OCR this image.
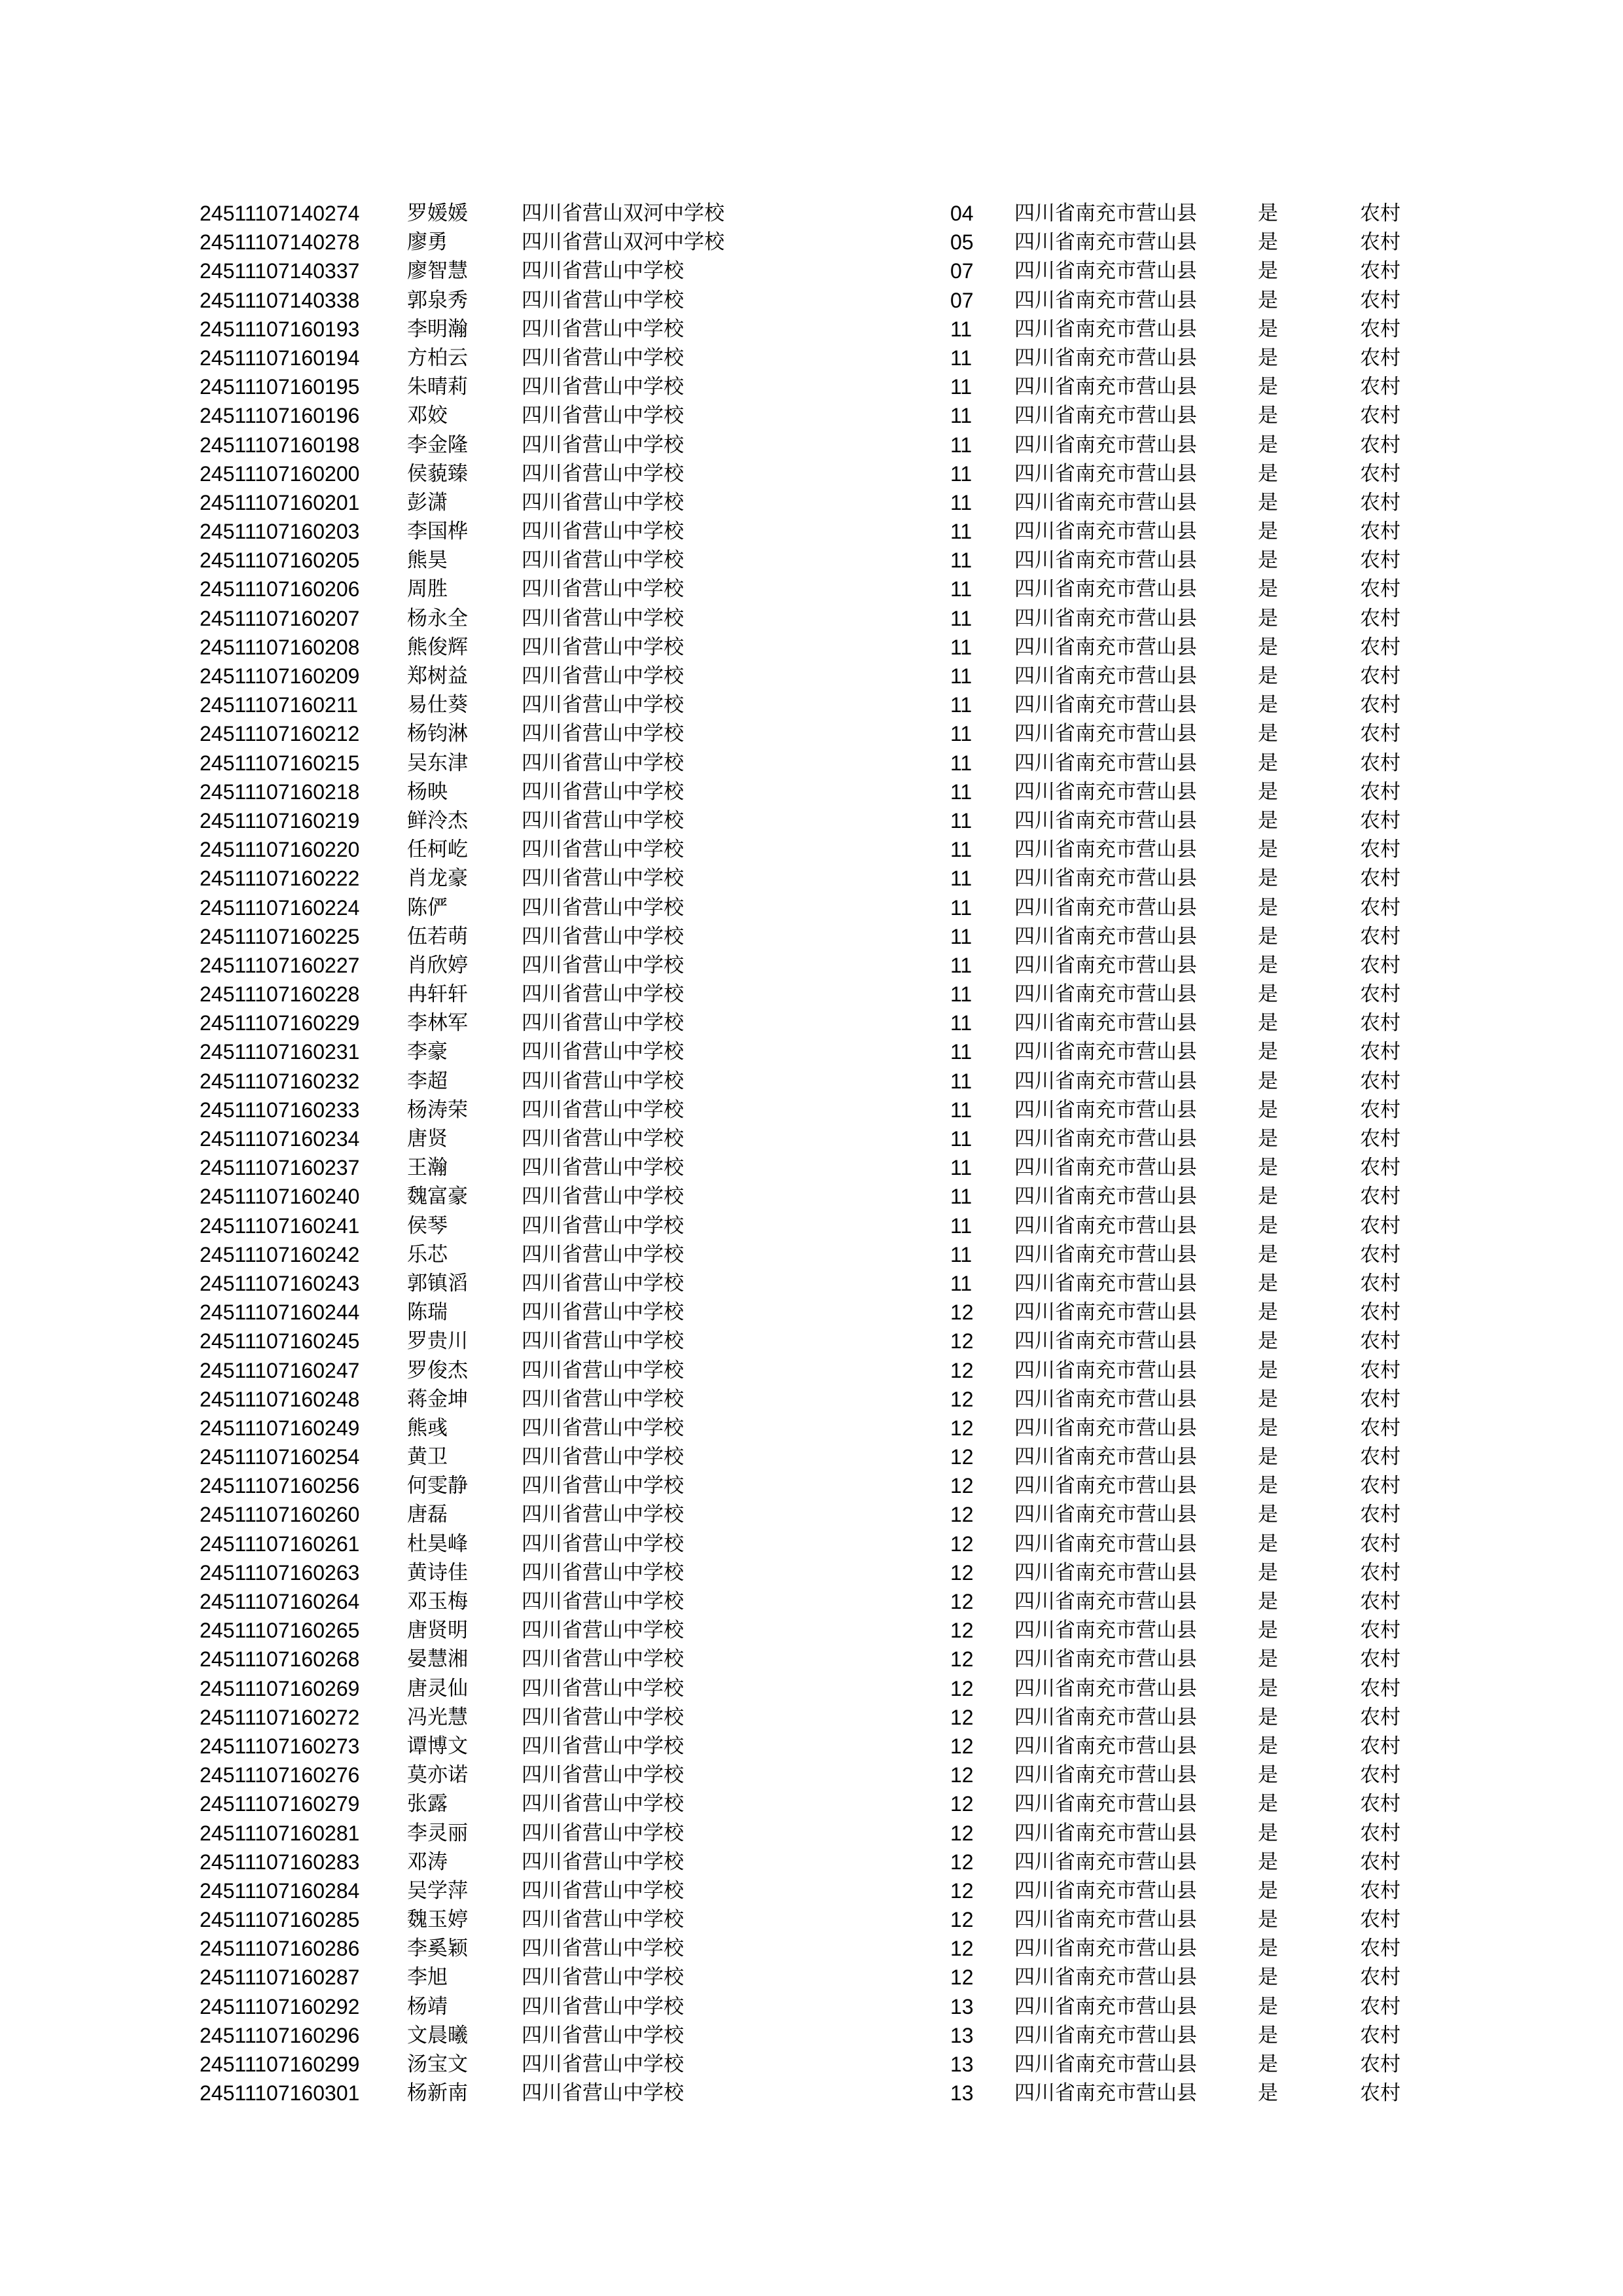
24511107140274 罗媛媛	四川省营山双河中学校	04 四川省南充市营山县	是	农村
24511107140278 廖勇	四川省营山双河中学校	05 四川省南充市营山县	是	农村
24511107140337 廖智慧	四川省营山中学校	07 四川省南充市营山县	是	农村
24511107140338 郭泉秀	四川省营山中学校	07 四川省南充市营山县	是	农村
24511107160193 李明瀚	四川省营山中学校	11 四川省南充市营山县	是	农村
24511107160194 方柏云	四川省营山中学校	11 四川省南充市营山县	是	农村
24511107160195 朱晴莉	四川省营山中学校	11 四川省南充市营山县	是	农村
24511107160196 邓姣	四川省营山中学校	11 四川省南充市营山县	是	农村
24511107160198 李金隆	四川省营山中学校	11 四川省南充市营山县	是	农村
24511107160200 侯藐臻	四川省营山中学校	11 四川省南充市营山县	是	农村
24511107160201 彭潇	四川省营山中学校	11 四川省南充市营山县	是	农村
24511107160203 李国桦	四川省营山中学校	11 四川省南充市营山县	是	农村
24511107160205 熊昊	四川省营山中学校	11 四川省南充市营山县	是	农村
24511107160206 周胜	四川省营山中学校	11 四川省南充市营山县	是	农村
24511107160207 杨永全	四川省营山中学校	11 四川省南充市营山县	是	农村
24511107160208 熊俊辉	四川省营山中学校	11 四川省南充市营山县	是	农村
24511107160209 郑树益	四川省营山中学校	11 四川省南充市营山县	是	农村
24511107160211 易仕葵	四川省营山中学校	11 四川省南充市营山县	是	农村
24511107160212 杨钧淋	四川省营山中学校	11 四川省南充市营山县	是	农村
24511107160215 吴东津	四川省营山中学校	11 四川省南充市营山县	是	农村
24511107160218 杨映	四川省营山中学校	11 四川省南充市营山县	是	农村
24511107160219 鲜泠杰	四川省营山中学校	11 四川省南充市营山县	是	农村
24511107160220 任柯屹	四川省营山中学校	11 四川省南充市营山县	是	农村
24511107160222 肖龙豪	四川省营山中学校	11 四川省南充市营山县	是	农村
24511107160224 陈俨	四川省营山中学校	11 四川省南充市营山县	是	农村
24511107160225 伍若萌	四川省营山中学校	11 四川省南充市营山县	是	农村
24511107160227 肖欣婷	四川省营山中学校	11 四川省南充市营山县	是	农村
24511107160228 冉轩轩	四川省营山中学校	11 四川省南充市营山县	是	农村
24511107160229 李林军	四川省营山中学校	11 四川省南充市营山县	是	农村
24511107160231 李豪	四川省营山中学校	11 四川省南充市营山县	是	农村
24511107160232 李超	四川省营山中学校	11 四川省南充市营山县	是	农村
24511107160233 杨涛荣	四川省营山中学校	11 四川省南充市营山县	是	农村
24511107160234 唐贤	四川省营山中学校	11 四川省南充市营山县	是	农村
24511107160237 王瀚	四川省营山中学校	11 四川省南充市营山县	是	农村
24511107160240 魏富豪	四川省营山中学校	11 四川省南充市营山县	是	农村
24511107160241 侯琴	四川省营山中学校	11 四川省南充市营山县	是	农村
24511107160242 乐芯	四川省营山中学校	11 四川省南充市营山县	是	农村
24511107160243 郭镇滔	四川省营山中学校	11 四川省南充市营山县	是	农村
24511107160244 陈瑞	四川省营山中学校	12 四川省南充市营山县	是	农村
24511107160245 罗贵川	四川省营山中学校	12 四川省南充市营山县	是	农村
24511107160247 罗俊杰	四川省营山中学校	12 四川省南充市营山县	是	农村
24511107160248 蒋金坤	四川省营山中学校	12 四川省南充市营山县	是	农村
24511107160249 熊彧	四川省营山中学校	12 四川省南充市营山县	是	农村
24511107160254 黄卫	四川省营山中学校	12 四川省南充市营山县	是	农村
24511107160256 何雯静	四川省营山中学校	12 四川省南充市营山县	是	农村
24511107160260 唐磊	四川省营山中学校	12 四川省南充市营山县	是	农村
24511107160261 杜昊峰	四川省营山中学校	12 四川省南充市营山县	是	农村
24511107160263 黄诗佳	四川省营山中学校	12 四川省南充市营山县	是	农村
24511107160264 邓玉梅	四川省营山中学校	12 四川省南充市营山县	是	农村
24511107160265 唐贤明	四川省营山中学校	12 四川省南充市营山县	是	农村
24511107160268 晏慧湘	四川省营山中学校	12 四川省南充市营山县	是	农村
24511107160269 唐灵仙	四川省营山中学校	12 四川省南充市营山县	是	农村
24511107160272 冯光慧	四川省营山中学校	12 四川省南充市营山县	是	农村
24511107160273 谭博文	四川省营山中学校	12 四川省南充市营山县	是	农村
24511107160276 莫亦诺	四川省营山中学校	12 四川省南充市营山县	是	农村
24511107160279 张露	四川省营山中学校	12 四川省南充市营山县	是	农村
24511107160281 李灵丽	四川省营山中学校	12 四川省南充市营山县	是	农村
24511107160283 邓涛	四川省营山中学校	12 四川省南充市营山县	是	农村
24511107160284 吴学萍	四川省营山中学校	12 四川省南充市营山县	是	农村
24511107160285 魏玉婷	四川省营山中学校	12 四川省南充市营山县	是	农村
24511107160286 李奚颖	四川省营山中学校	12 四川省南充市营山县	是	农村
24511107160287 李旭	四川省营山中学校	12 四川省南充市营山县	是	农村
24511107160292 杨靖	四川省营山中学校	13 四川省南充市营山县	是	农村
24511107160296 文晨曦	四川省营山中学校	13 四川省南充市营山县	是	农村
24511107160299 汤宝文	四川省营山中学校	13 四川省南充市营山县	是	农村
24511107160301 杨新南	四川省营山中学校	13 四川省南充市营山县	是	农村
